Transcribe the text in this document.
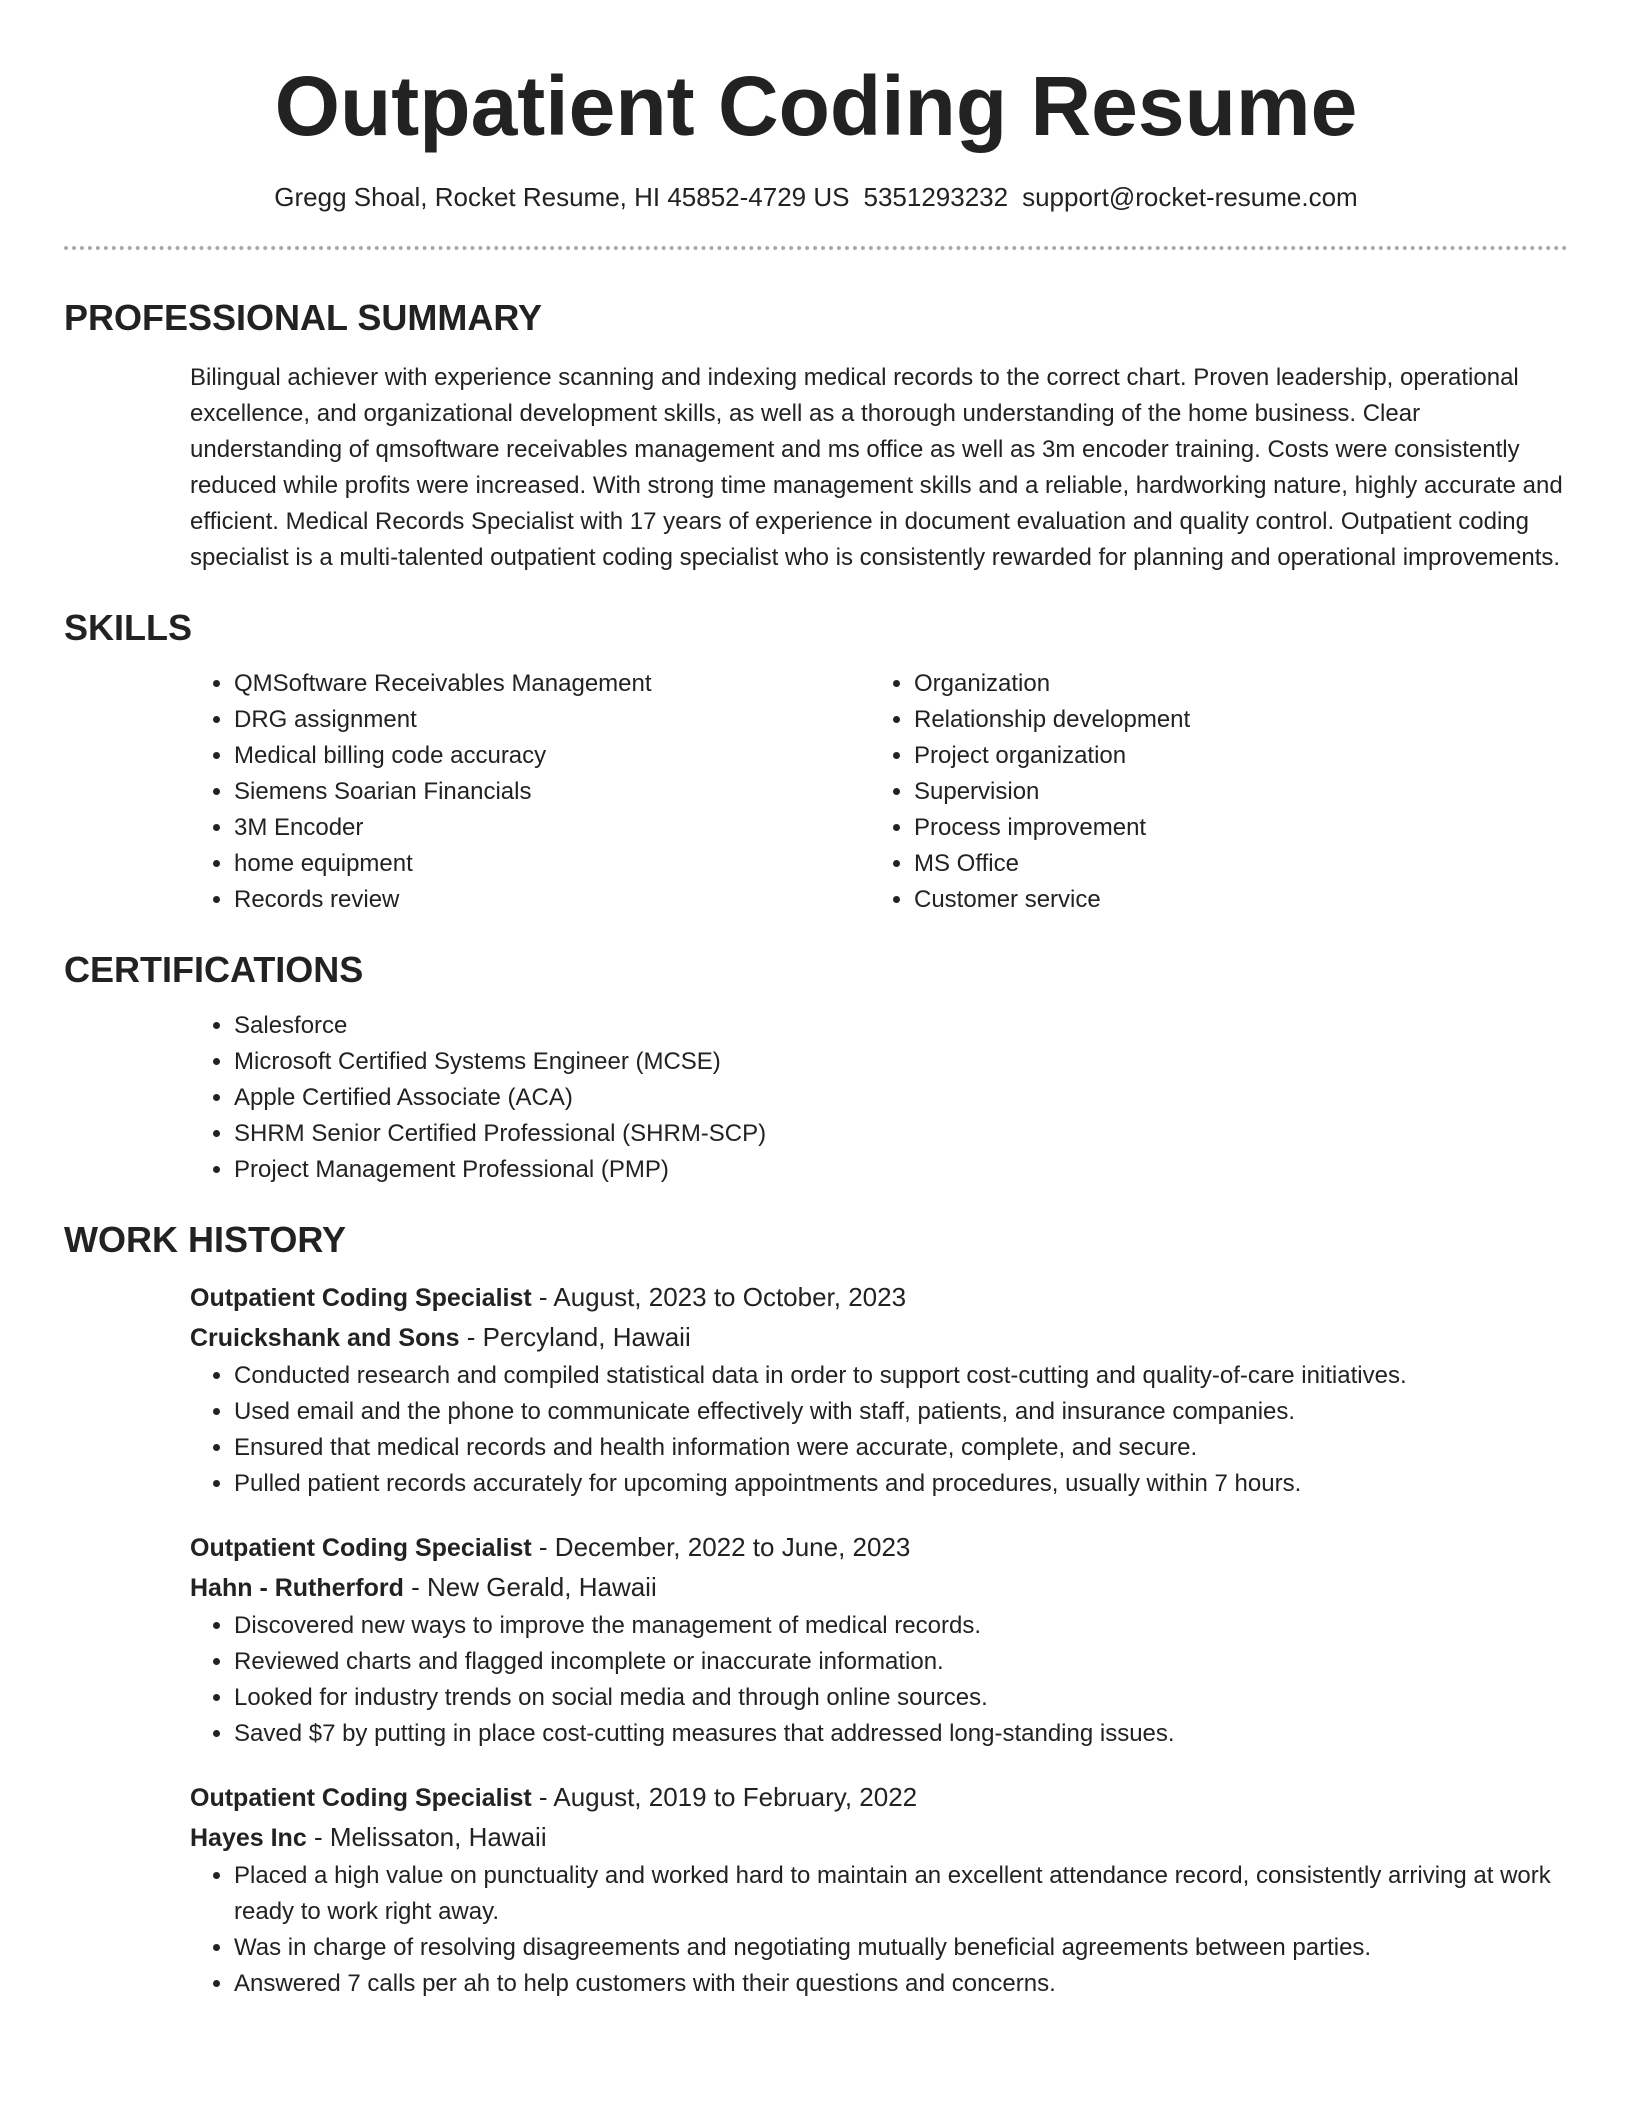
Outpatient Coding Resume
Gregg Shoal, Rocket Resume, HI 45852-4729 US 5351293232 support@rocket-resume.com
PROFESSIONAL SUMMARY

Bilingual achiever with experience scanning and indexing medical records to the correct chart. Proven leadership, operational excellence, and organizational development skills, as well as a thorough understanding of the home business. Clear understanding of qmsoftware receivables management and ms office as well as 3m encoder training. Costs were consistently reduced while profits were increased. With strong time management skills and a reliable, hardworking nature, highly accurate and efficient. Medical Records Specialist with 17 years of experience in document evaluation and quality control. Outpatient coding specialist is a multi-talented outpatient coding specialist who is consistently rewarded for planning and operational improvements.

SKILLS
• QMSoftware Receivables Management
• DRG assignment
• Medical billing code accuracy
• Siemens Soarian Financials
• 3M Encoder
• home equipment
• Records review
• Organization
• Relationship development
• Project organization
• Supervision
• Process improvement
• MS Office
• Customer service
CERTIFICATIONS
• Salesforce
• Microsoft Certified Systems Engineer (MCSE)
• Apple Certified Associate (ACA)
• SHRM Senior Certified Professional (SHRM-SCP)
• Project Management Professional (PMP)
WORK HISTORY
Outpatient Coding Specialist - August, 2023 to October, 2023
Cruickshank and Sons - Percyland, Hawaii
• Conducted research and compiled statistical data in order to support cost-cutting and quality-of-care initiatives.
• Used email and the phone to communicate effectively with staff, patients, and insurance companies.
• Ensured that medical records and health information were accurate, complete, and secure.
• Pulled patient records accurately for upcoming appointments and procedures, usually within 7 hours.
Outpatient Coding Specialist - December, 2022 to June, 2023
Hahn - Rutherford - New Gerald, Hawaii
• Discovered new ways to improve the management of medical records.
• Reviewed charts and flagged incomplete or inaccurate information.
• Looked for industry trends on social media and through online sources.
• Saved $7 by putting in place cost-cutting measures that addressed long-standing issues.
Outpatient Coding Specialist - August, 2019 to February, 2022
Hayes Inc - Melissaton, Hawaii
• Placed a high value on punctuality and worked hard to maintain an excellent attendance record, consistently arriving at work ready to work right away.
• Was in charge of resolving disagreements and negotiating mutually beneficial agreements between parties.
• Answered 7 calls per ah to help customers with their questions and concerns.
